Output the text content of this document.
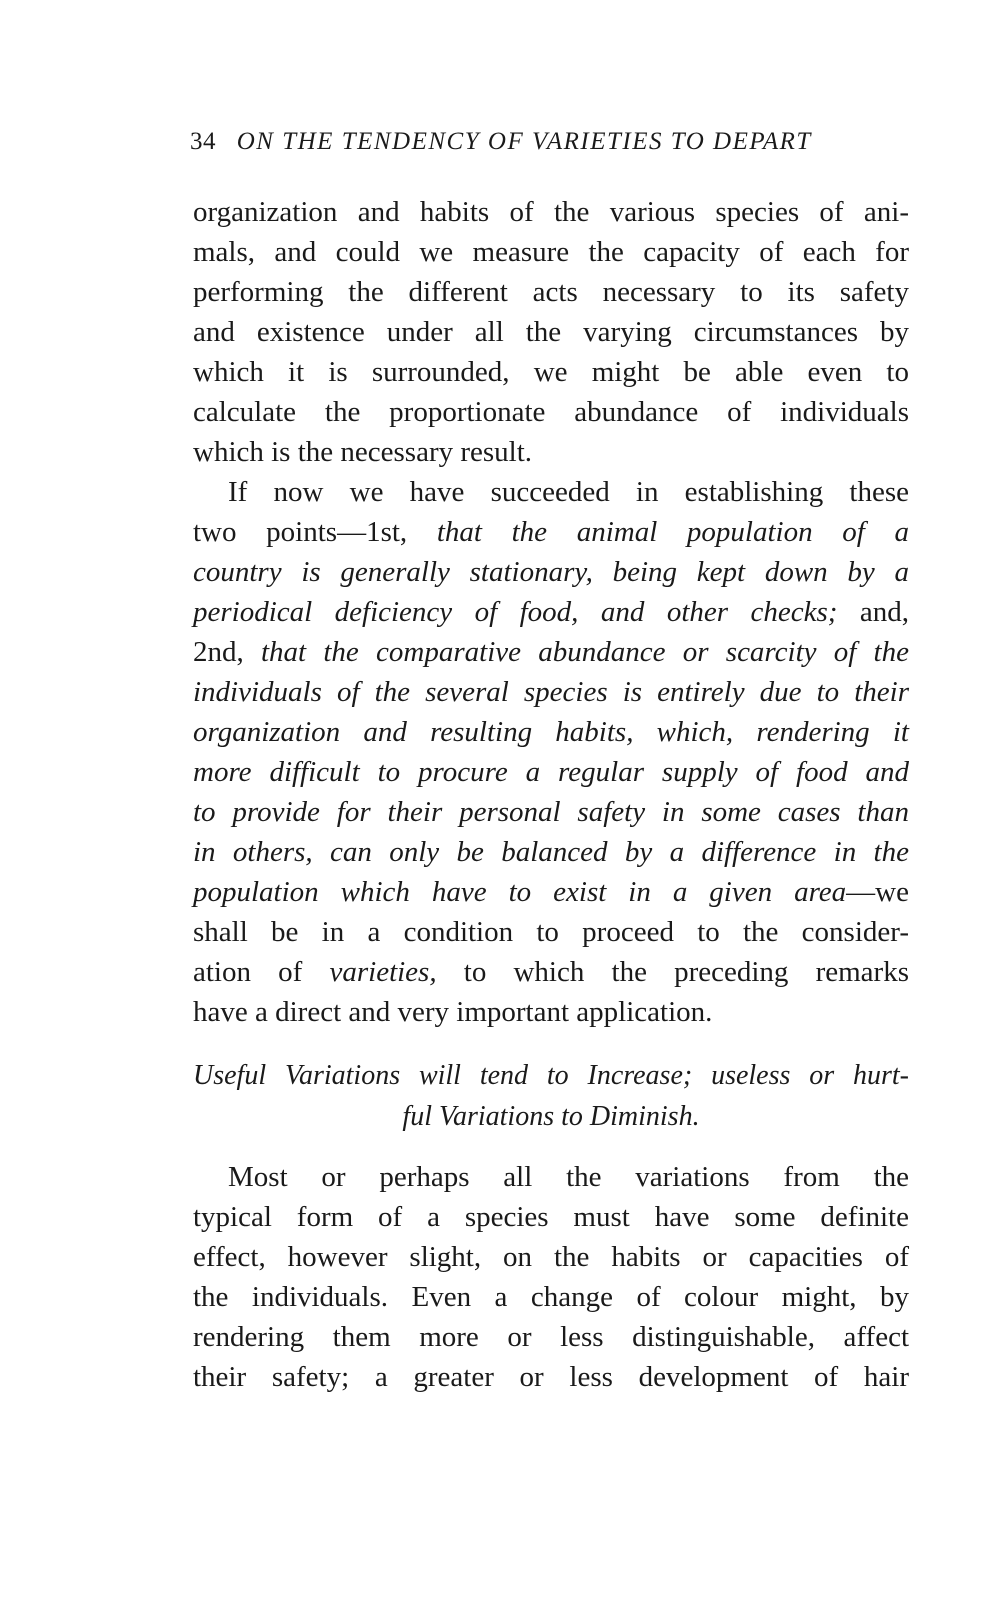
34 ON THE TENDENCY OF VARIETIES TO DEPART
organization and habits of the various species of ani-
mals, and could we measure the capacity of each for
performing the different acts necessary to its safety
and existence under all the varying circumstances by
which it is surrounded, we might be able even to
calculate the proportionate abundance of individuals
which is the necessary result.
If now we have succeeded in establishing these
two points—1st, that the animal population of a
country is generally stationary, being kept down by a
periodical deficiency of food, and other checks; and,
2nd, that the comparative abundance or scarcity of the
individuals of the several species is entirely due to their
organization and resulting habits, which, rendering it
more difficult to procure a regular supply of food and
to provide for their personal safety in some cases than
in others, can only be balanced by a difference in the
population which have to exist in a given area—we
shall be in a condition to proceed to the consider-
ation of varieties, to which the preceding remarks
have a direct and very important application.
Useful Variations will tend to Increase; useless or hurt-
ful Variations to Diminish.
Most or perhaps all the variations from the
typical form of a species must have some definite
effect, however slight, on the habits or capacities of
the individuals. Even a change of colour might, by
rendering them more or less distinguishable, affect
their safety; a greater or less development of hair
